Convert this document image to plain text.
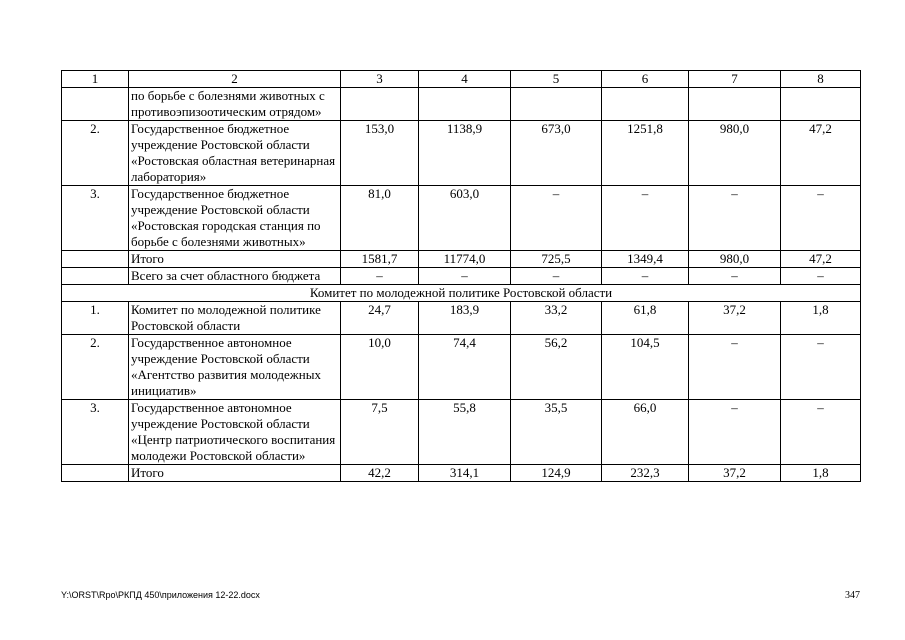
1	2	3	4	5	6	7	8
	по борьбе с болезнями животных с противоэпизоотическим отрядом»						
2.	Государственное бюджетное учреждение Ростовской области «Ростовская областная ветеринарная лаборатория»	153,0	1138,9	673,0	1251,8	980,0	47,2
3.	Государственное бюджетное учреждение Ростовской области «Ростовская городская станция по борьбе с болезнями животных»	81,0	603,0	–	–	–	–
	Итого	1581,7	11774,0	725,5	1349,4	980,0	47,2
	Всего за счет областного бюджета	–	–	–	–	–	–
Комитет по молодежной политике Ростовской области							
1.	Комитет по молодежной политике Ростовской области	24,7	183,9	33,2	61,8	37,2	1,8
2.	Государственное автономное учреждение Ростовской области «Агентство развития молодежных инициатив»	10,0	74,4	56,2	104,5	–	–
3.	Государственное автономное учреждение Ростовской области «Центр патриотического воспитания молодежи Ростовской области»	7,5	55,8	35,5	66,0	–	–
	Итого	42,2	314,1	124,9	232,3	37,2	1,8
Y:\ORST\Rpo\РКПД 450\приложения 12-22.docx	347
